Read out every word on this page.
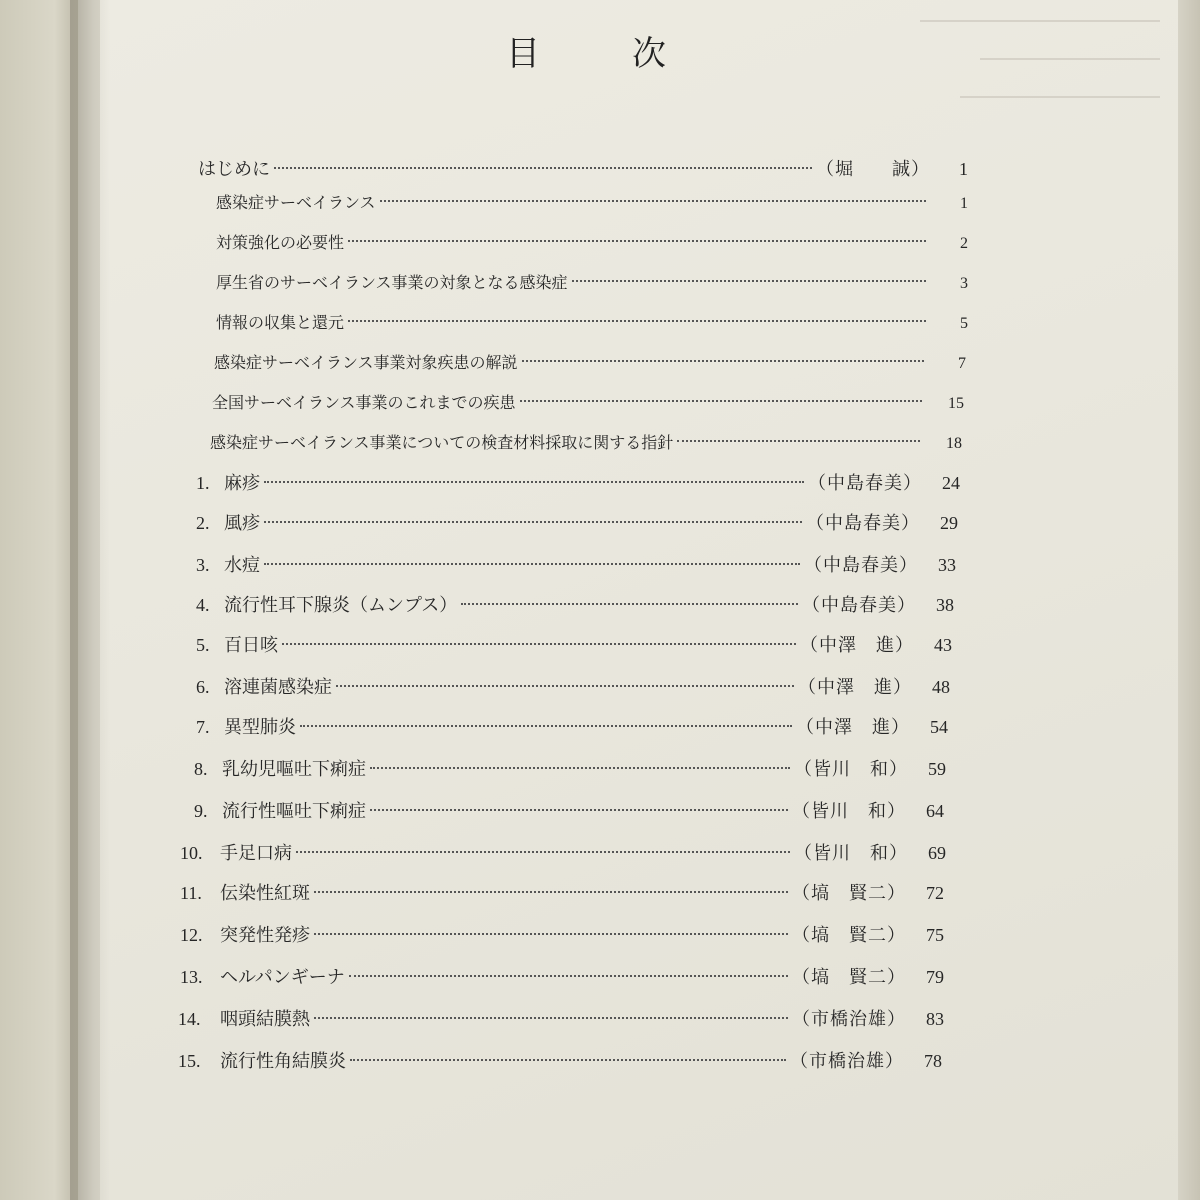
目	次
はじめに	（堀　　誠）	1
感染症サーベイランス	1
対策強化の必要性	2
厚生省のサーベイランス事業の対象となる感染症	3
情報の収集と還元	5
感染症サーベイランス事業対象疾患の解説	7
全国サーベイランス事業のこれまでの疾患	15
感染症サーベイランス事業についての検査材料採取に関する指針	18
1. 麻疹	（中島春美）	24
2. 風疹	（中島春美）	29
3. 水痘	（中島春美）	33
4. 流行性耳下腺炎（ムンプス）	（中島春美）	38
5. 百日咳	（中澤　進）	43
6. 溶連菌感染症	（中澤　進）	48
7. 異型肺炎	（中澤　進）	54
8. 乳幼児嘔吐下痢症	（皆川　和）	59
9. 流行性嘔吐下痢症	（皆川　和）	64
10. 手足口病	（皆川　和）	69
11.	伝染性紅斑	（塙　賢二）	72
12. 突発性発疹	（塙　賢二）	75
13. ヘルパンギーナ	（塙　賢二）	79
14.	咽頭結膜熱	（市橋治雄）	83
15.	流行性角結膜炎	（市橋治雄）	78
